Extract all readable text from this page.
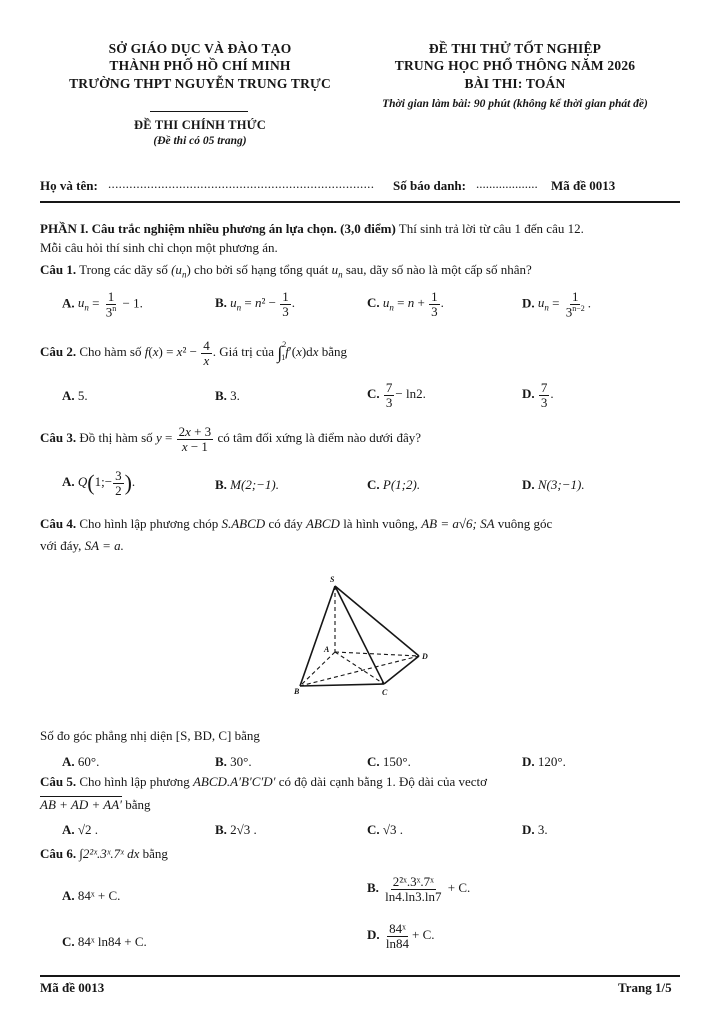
SỞ GIÁO DỤC VÀ ĐÀO TẠO
THÀNH PHỐ HỒ CHÍ MINH
TRƯỜNG THPT NGUYỄN TRUNG TRỰC
ĐỀ THI CHÍNH THỨC
(Đề thi có 05 trang)
ĐỀ THI THỬ TỐT NGHIỆP
TRUNG HỌC PHỔ THÔNG NĂM 2026
BÀI THI: TOÁN
Thời gian làm bài: 90 phút (không kể thời gian phát đề)
Họ và tên: ........................................................................... Số báo danh: ................... Mã đề 0013
PHẦN I. Câu trắc nghiệm nhiều phương án lựa chọn. (3,0 điểm) Thí sinh trả lời từ câu 1 đến câu 12.
Mỗi câu hỏi thí sinh chỉ chọn một phương án.
Câu 1. Trong các dãy số $(u_n)$ cho bởi số hạng tổng quát $u_n$ sau, dãy số nào là một cấp số nhân?
A. $u_n = \frac{1}{3^n} - 1$.	B. $u_n = n^2 - \frac{1}{3}$ .	C. $u_n = n + \frac{1}{3}$ .	D. $u_n = \frac{1}{3^{n-2}}$ .
Câu 2. Cho hàm số $f(x) = x^2 - \frac{4}{x}$ . Giá trị của ∫$^2_1$f′(x)dx bằng
A. 5.	B. 3.	C. $\frac{7}{3} - \ln 2$.	D. $\frac{7}{3}$ .
Câu 3. Đồ thị hàm số $y = \frac{2x + 3}{x - 1}$ có tâm đối xứng là điểm nào dưới đây?
A. Q(1;− $\frac{3}{2}$ ).	B. M(2;−1).	C. P(1;2).	D. N(3;−1).
Câu 4. Cho hình lập phương chóp S.ABCD có đáy ABCD là hình vuông, AB = a√6; SA vuông góc
với đáy, SA = a.
S
A
D
B	C
Số đo góc phẳng nhị diện [S, BD, C] bằng
A. 60°.	B. 30°.	C. 150°.	D. 120°.
Câu 5. Cho hình lập phương ABCD.A′B′C′D′ có độ dài cạnh bằng 1. Độ dài của vectơ
AB + AD + AA′ bằng
A. √2 .	B. 2√3 .	C. √3 .	D. 3.
Câu 6. ∫2²ˣ.3ˣ.7ˣ dx bằng
A. 84ˣ + C.
B. $\frac{\text{2²ˣ.3ˣ.7ˣ}}{\ln 4.\ln 3.\ln 7} + C$.
C. 84ˣ ln84 + C.	D. $\frac{\text{84ˣ}}{\ln 84} + C$.
Mã đề 0013	Trang 1/5
